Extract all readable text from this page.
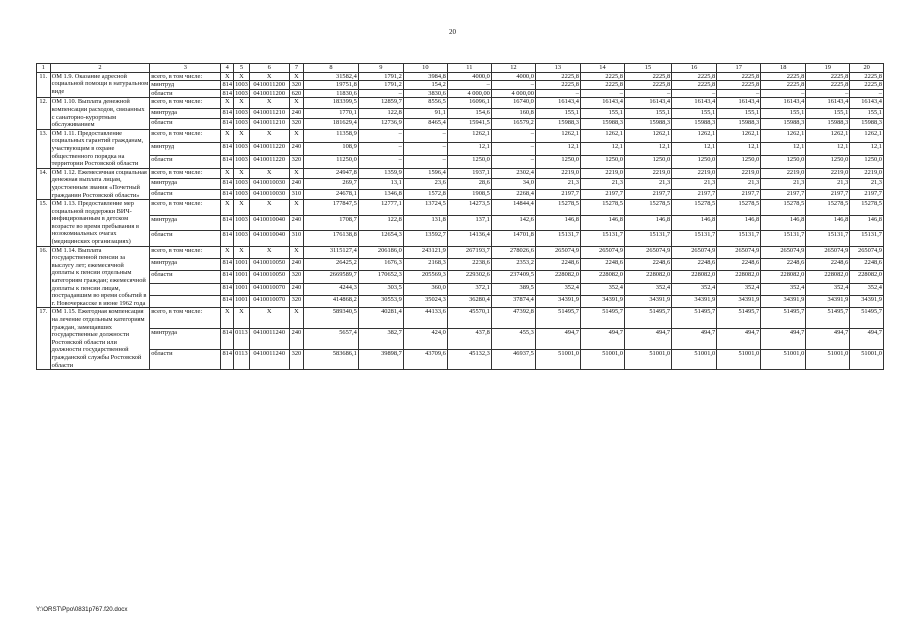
20
1	2	3	4	5	6	7	8	9	10	11	12	13	14	15	16	17	18	19	20
11.	ОМ 1.9. Оказание адресной социальной помощи в натуральном виде	всего, в том числе:	X	X	X	X	31582,4	1791,2	3984,8	4000,0	4000,0	2225,8	2225,8	2225,8	2225,8	2225,8	2225,8	2225,8	2225,8
		минтруд	814	1003	0410011200	320	19751,8	1791,2	154,2	–	–	2225,8	2225,8	2225,8	2225,8	2225,8	2225,8	2225,8	2225,8
		области	814	1003	0410011200	620	11830,6	–	3830,6	4 000,00	4 000,00	–	–	–	–	–	–	–	–
12.	ОМ 1.10. Выплата денежной компенсации расходов, связанных с санаторно-курортным обслуживанием	всего, в том числе:	X	X	X	X	183399,5	12859,7	8556,5	16096,1	16740,0	16143,4	16143,4	16143,4	16143,4	16143,4	16143,4	16143,4	16143,4
		минтруда	814	1003	0410011210	240	1770,1	122,8	91,1	154,6	160,8	155,1	155,1	155,1	155,1	155,1	155,1	155,1	155,1
		области	814	1003	0410011210	320	181629,4	12736,9	8465,4	15941,5	16579,2	15988,3	15988,3	15988,3	15988,3	15988,3	15988,3	15988,3	15988,3
13.	ОМ 1.11. Предоставление социальных гарантий гражданам, участвующим в охране общественного порядка на территории Ростовской области	всего, в том числе:	X	X	X	X	11358,9	–	–	1262,1	–	1262,1	1262,1	1262,1	1262,1	1262,1	1262,1	1262,1	1262,1
		минтруд	814	1003	0410011220	240	108,9	–	–	12,1	–	12,1	12,1	12,1	12,1	12,1	12,1	12,1	12,1
		области	814	1003	0410011220	320	11250,0	–	–	1250,0	–	1250,0	1250,0	1250,0	1250,0	1250,0	1250,0	1250,0	1250,0
14.	ОМ 1.12. Ежемесячная социальная денежная выплата лицам, удостоенным звания «Почетный гражданин Ростовской области»	всего, в том числе:	X	X	X	X	24947,8	1359,9	1596,4	1937,1	2302,4	2219,0	2219,0	2219,0	2219,0	2219,0	2219,0	2219,0	2219,0
		минтруда	814	1003	0410010030	240	269,7	13,1	23,6	28,6	34,0	21,3	21,3	21,3	21,3	21,3	21,3	21,3	21,3
		области	814	1003	0410010030	310	24678,1	1346,8	1572,8	1908,5	2268,4	2197,7	2197,7	2197,7	2197,7	2197,7	2197,7	2197,7	2197,7
15.	ОМ 1.13. Предоставление мер социальной поддержки ВИЧ-инфицированным в детском возрасте во время пребывания в нозокомиальных очагах (медицинских организациях)	всего, в том числе:	X	X	X	X	177847,5	12777,1	13724,5	14273,5	14844,4	15278,5	15278,5	15278,5	15278,5	15278,5	15278,5	15278,5	15278,5
		минтруда	814	1003	0410010040	240	1708,7	122,8	131,8	137,1	142,6	146,8	146,8	146,8	146,8	146,8	146,8	146,8	146,8
		области	814	1003	0410010040	310	176138,8	12654,3	13592,7	14136,4	14701,8	15131,7	15131,7	15131,7	15131,7	15131,7	15131,7	15131,7	15131,7
16.	ОМ 1.14. Выплата государственной пенсии за выслугу лет; ежемесячной доплаты к пенсии отдельным категориям граждан; ежемесячной доплаты к пенсии лицам, пострадавшим во время событий в г. Новочеркасске в июне 1962 года	всего, в том числе:	X	X	X	X	3115127,4	206186,0	243121,9	267193,7	278026,6	265074,9	265074,9	265074,9	265074,9	265074,9	265074,9	265074,9	265074,9
		минтруда	814	1001	0410010050	240	26425,2	1676,3	2168,3	2238,6	2353,2	2248,6	2248,6	2248,6	2248,6	2248,6	2248,6	2248,6	2248,6
		области	814	1001	0410010050	320	2669589,7	170652,3	205569,3	229302,6	237409,5	228082,0	228082,0	228082,0	228082,0	228082,0	228082,0	228082,0	228082,0
			814	1001	0410010070	240	4244,3	303,5	360,0	372,1	389,5	352,4	352,4	352,4	352,4	352,4	352,4	352,4	352,4
			814	1001	0410010070	320	414868,2	30553,9	35024,3	36280,4	37874,4	34391,9	34391,9	34391,9	34391,9	34391,9	34391,9	34391,9	34391,9
17.	ОМ 1.15. Ежегодная компенсация на лечение отдельным категориям граждан, замещавших государственные должности Ростовской области или должности государственной гражданской службы Ростовской области	всего, в том числе:	X	X	X	X	589340,5	40281,4	44133,6	45570,1	47392,8	51495,7	51495,7	51495,7	51495,7	51495,7	51495,7	51495,7	51495,7
		минтруда	814	0113	0410011240	240	5657,4	382,7	424,0	437,8	455,3	494,7	494,7	494,7	494,7	494,7	494,7	494,7	494,7
		области	814	0113	0410011240	320	583686,1	39898,7	43709,6	45132,3	46937,5	51001,0	51001,0	51001,0	51001,0	51001,0	51001,0	51001,0	51001,0
Y:\ORST\Ppo\0831p767.f20.docx
